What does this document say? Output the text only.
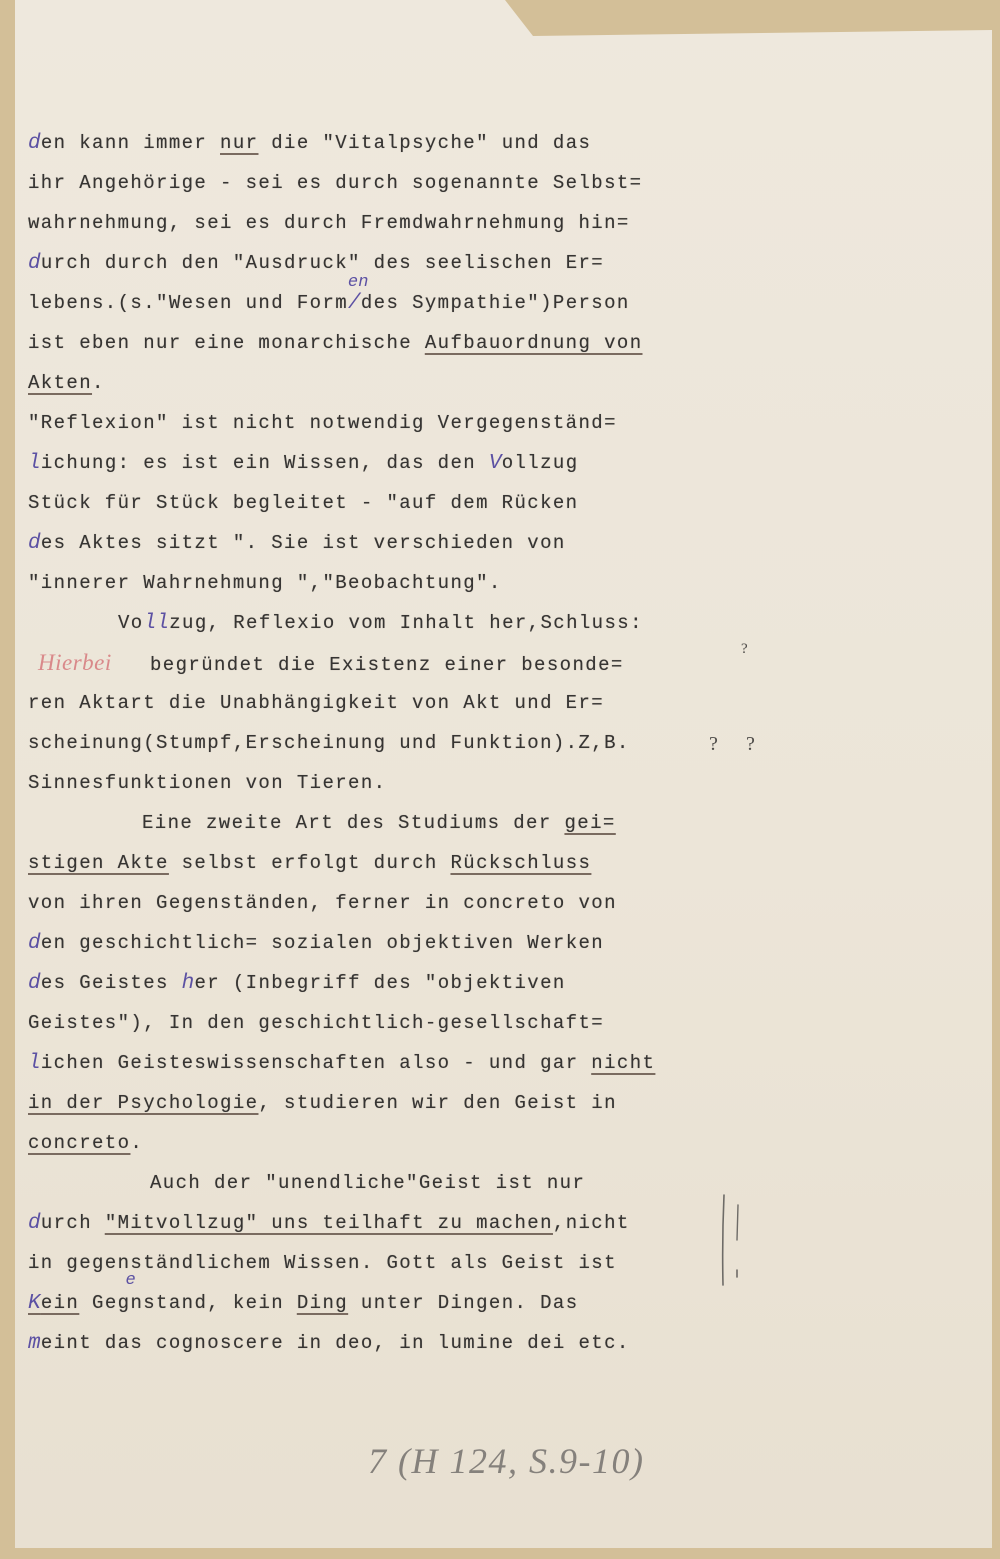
den kann immer nur die "Vitalpsyche" und das
ihr Angehörige - sei es durch sogenannte Selbst=
wahrnehmung, sei es durch Fremdwahrnehmung hin=
durch durch den "Ausdruck" des seelischen Er=
lebens.(s."Wesen und Form/
en
des Sympathie")Person
ist eben nur eine monarchische Aufbauordnung von
Akten.
"Reflexion" ist nicht notwendig Vergegenständ=
lichung: es ist ein Wissen, das den Vollzug
Stück für Stück begleitet - "auf dem Rücken
des Aktes sitzt ". Sie ist verschieden von
"innerer Wahrnehmung ","Beobachtung".
Vollzug, Reflexio vom Inhalt her,Schluss:
Hierbei begründet die Existenz einer besonde=
ren Aktart die Unabhängigkeit von Akt und Er=
scheinung(Stumpf,Erscheinung und Funktion).Z,B.
Sinnesfunktionen von Tieren.
Eine zweite Art des Studiums der gei=
stigen Akte selbst erfolgt durch Rückschluss
von ihren Gegenständen, ferner in concreto von
den geschichtlich= sozialen objektiven Werken
des Geistes her (Inbegriff des "objektiven
Geistes"), In den geschichtlich-gesellschaft=
lichen Geisteswissenschaften also - und gar nicht
in der Psychologie, studieren wir den Geist in
concreto.
Auch der "unendliche"Geist ist nur
durch "Mitvollzug" uns teilhaft zu machen,nicht
in gegenständlichem Wissen. Gott als Geist ist
Kein Geg
e
nstand, kein Ding unter Dingen. Das
meint das cognoscere in deo, in lumine dei etc.
?
? ?
7 (H 124, S.9-10)
